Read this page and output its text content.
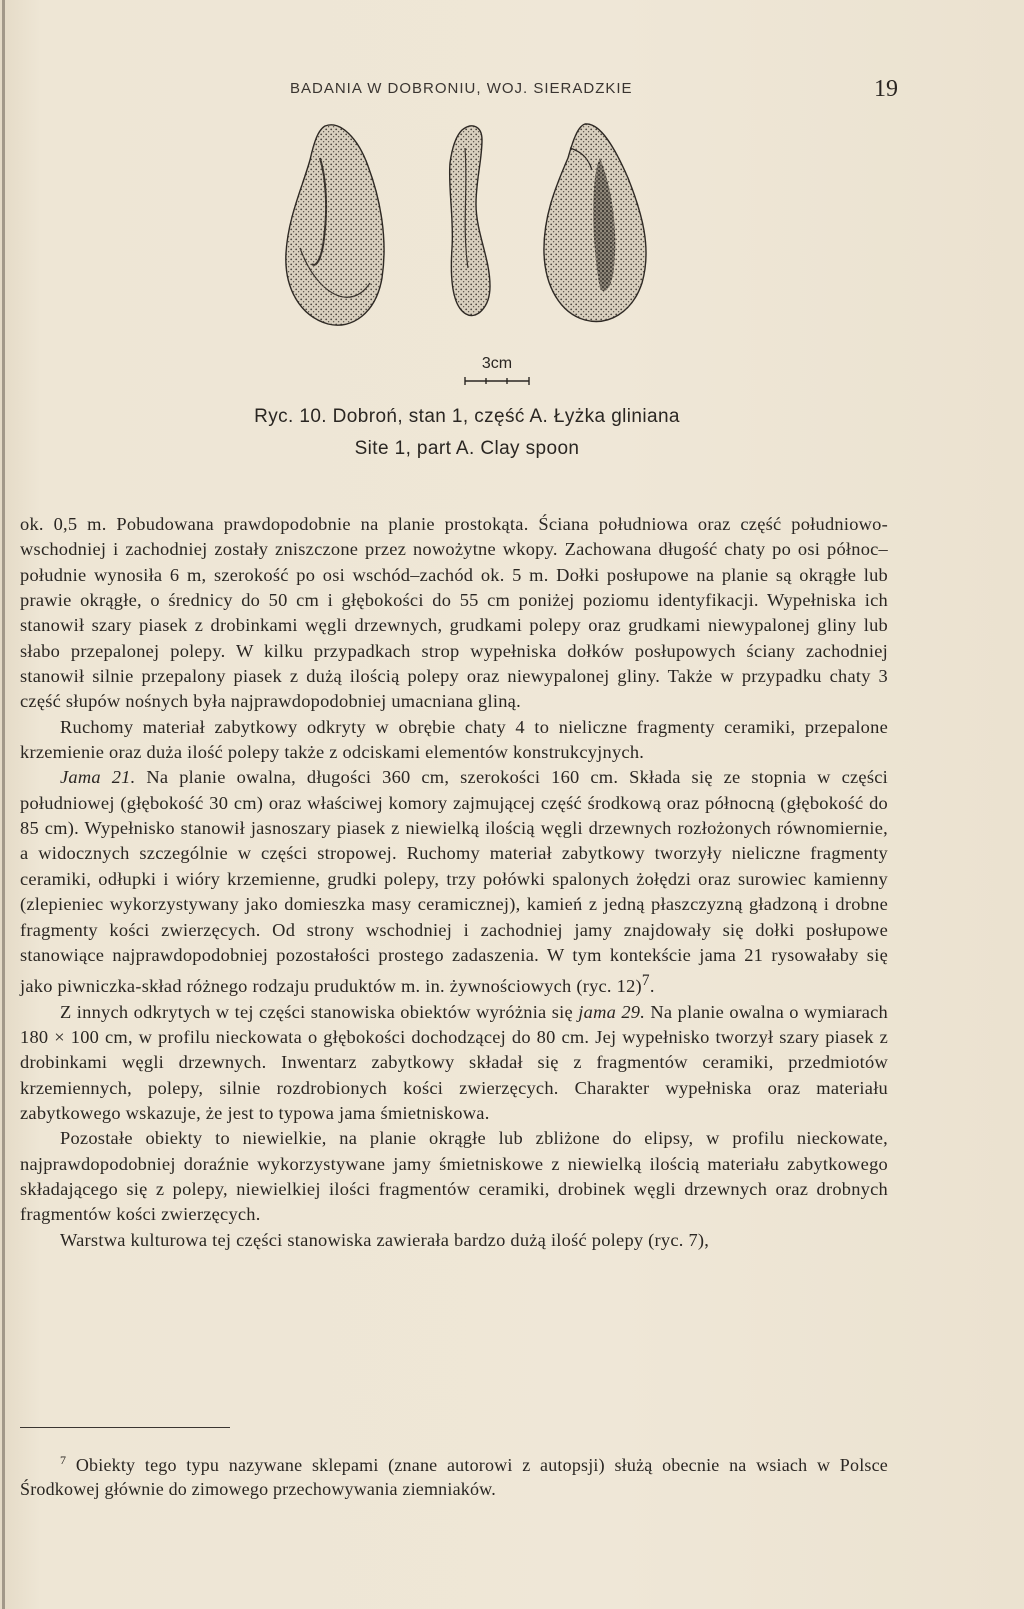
BADANIA W DOBRONIU, WOJ. SIERADZKIE	19
3cm
Ryc. 10. Dobroń, stan 1, część A. Łyżka gliniana
Site 1, part A. Clay spoon

ok. 0,5 m. Pobudowana prawdopodobnie na planie prostokąta. Ściana południowa oraz część południowo-wschodniej i zachodniej zostały zniszczone przez nowożytne wkopy. Zachowana długość chaty po osi północ–południe wynosiła 6 m, szerokość po osi wschód–zachód ok. 5 m. Dołki posłupowe na planie są okrągłe lub prawie okrągłe, o średnicy do 50 cm i głębokości do 55 cm poniżej poziomu identyfikacji. Wypełniska ich stanowił szary piasek z drobinkami węgli drzewnych, grudkami polepy oraz grudkami niewypalonej gliny lub słabo przepalonej polepy. W kilku przypadkach strop wypełniska dołków posłupowych ściany zachodniej stanowił silnie przepalony piasek z dużą ilością polepy oraz niewypalonej gliny. Także w przypadku chaty 3 część słupów nośnych była najprawdopodobniej umacniana gliną.

Ruchomy materiał zabytkowy odkryty w obrębie chaty 4 to nieliczne fragmenty ceramiki, przepalone krzemienie oraz duża ilość polepy także z odciskami elementów konstrukcyjnych.

Jama 21. Na planie owalna, długości 360 cm, szerokości 160 cm. Składa się ze stopnia w części południowej (głębokość 30 cm) oraz właściwej komory zajmującej część środkową oraz północną (głębokość do 85 cm). Wypełnisko stanowił jasnoszary piasek z niewielką ilością węgli drzewnych rozłożonych równomiernie, a widocznych szczególnie w części stropowej. Ruchomy materiał zabytkowy tworzyły nieliczne fragmenty ceramiki, odłupki i wióry krzemienne, grudki polepy, trzy połówki spalonych żołędzi oraz surowiec kamienny (zlepieniec wykorzystywany jako domieszka masy ceramicznej), kamień z jedną płaszczyzną gładzoną i drobne fragmenty kości zwierzęcych. Od strony wschodniej i zachodniej jamy znajdowały się dołki posłupowe stanowiące najprawdopodobniej pozostałości prostego zadaszenia. W tym kontekście jama 21 rysowałaby się jako piwniczka-skład różnego rodzaju pruduktów m. in. żywnościowych (ryc. 12)$^7$.

Z innych odkrytych w tej części stanowiska obiektów wyróżnia się jama 29. Na planie owalna o wymiarach 180 × 100 cm, w profilu nieckowata o głębokości dochodzącej do 80 cm. Jej wypełnisko tworzył szary piasek z drobinkami węgli drzewnych. Inwentarz zabytkowy składał się z fragmentów ceramiki, przedmiotów krzemiennych, polepy, silnie rozdrobionych kości zwierzęcych. Charakter wypełniska oraz materiału zabytkowego wskazuje, że jest to typowa jama śmietniskowa.

Pozostałe obiekty to niewielkie, na planie okrągłe lub zbliżone do elipsy, w profilu nieckowate, najprawdopodobniej doraźnie wykorzystywane jamy śmietniskowe z niewielką ilością materiału zabytkowego składającego się z polepy, niewielkiej ilości fragmentów ceramiki, drobinek węgli drzewnych oraz drobnych fragmentów kości zwierzęcych.

Warstwa kulturowa tej części stanowiska zawierała bardzo dużą ilość polepy (ryc. 7),

$^7$ Obiekty tego typu nazywane sklepami (znane autorowi z autopsji) służą obecnie na wsiach w Polsce Środkowej głównie do zimowego przechowywania ziemniaków.
